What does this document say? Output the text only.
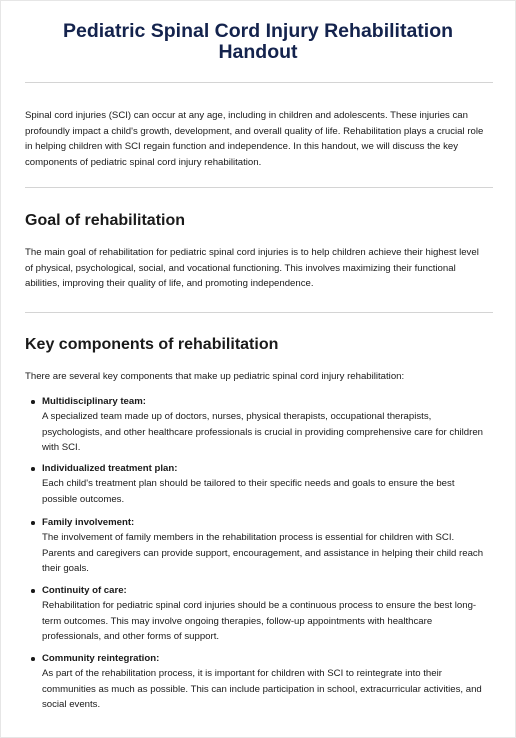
Pediatric Spinal Cord Injury Rehabilitation Handout

Spinal cord injuries (SCI) can occur at any age, including in children and adolescents. These injuries can profoundly impact a child's growth, development, and overall quality of life. Rehabilitation plays a crucial role in helping children with SCI regain function and independence. In this handout, we will discuss the key components of pediatric spinal cord injury rehabilitation.

Goal of rehabilitation

The main goal of rehabilitation for pediatric spinal cord injuries is to help children achieve their highest level of physical, psychological, social, and vocational functioning. This involves maximizing their functional abilities, improving their quality of life, and promoting independence.

Key components of rehabilitation

There are several key components that make up pediatric spinal cord injury rehabilitation:

Multidisciplinary team:

A specialized team made up of doctors, nurses, physical therapists, occupational therapists, psychologists, and other healthcare professionals is crucial in providing comprehensive care for children with SCI.

Individualized treatment plan:

Each child's treatment plan should be tailored to their specific needs and goals to ensure the best possible outcomes.

Family involvement:

The involvement of family members in the rehabilitation process is essential for children with SCI. Parents and caregivers can provide support, encouragement, and assistance in helping their child reach their goals.

Continuity of care:

Rehabilitation for pediatric spinal cord injuries should be a continuous process to ensure the best long-term outcomes. This may involve ongoing therapies, follow-up appointments with healthcare professionals, and other forms of support.

Community reintegration:

As part of the rehabilitation process, it is important for children with SCI to reintegrate into their communities as much as possible. This can include participation in school, extracurricular activities, and social events.
